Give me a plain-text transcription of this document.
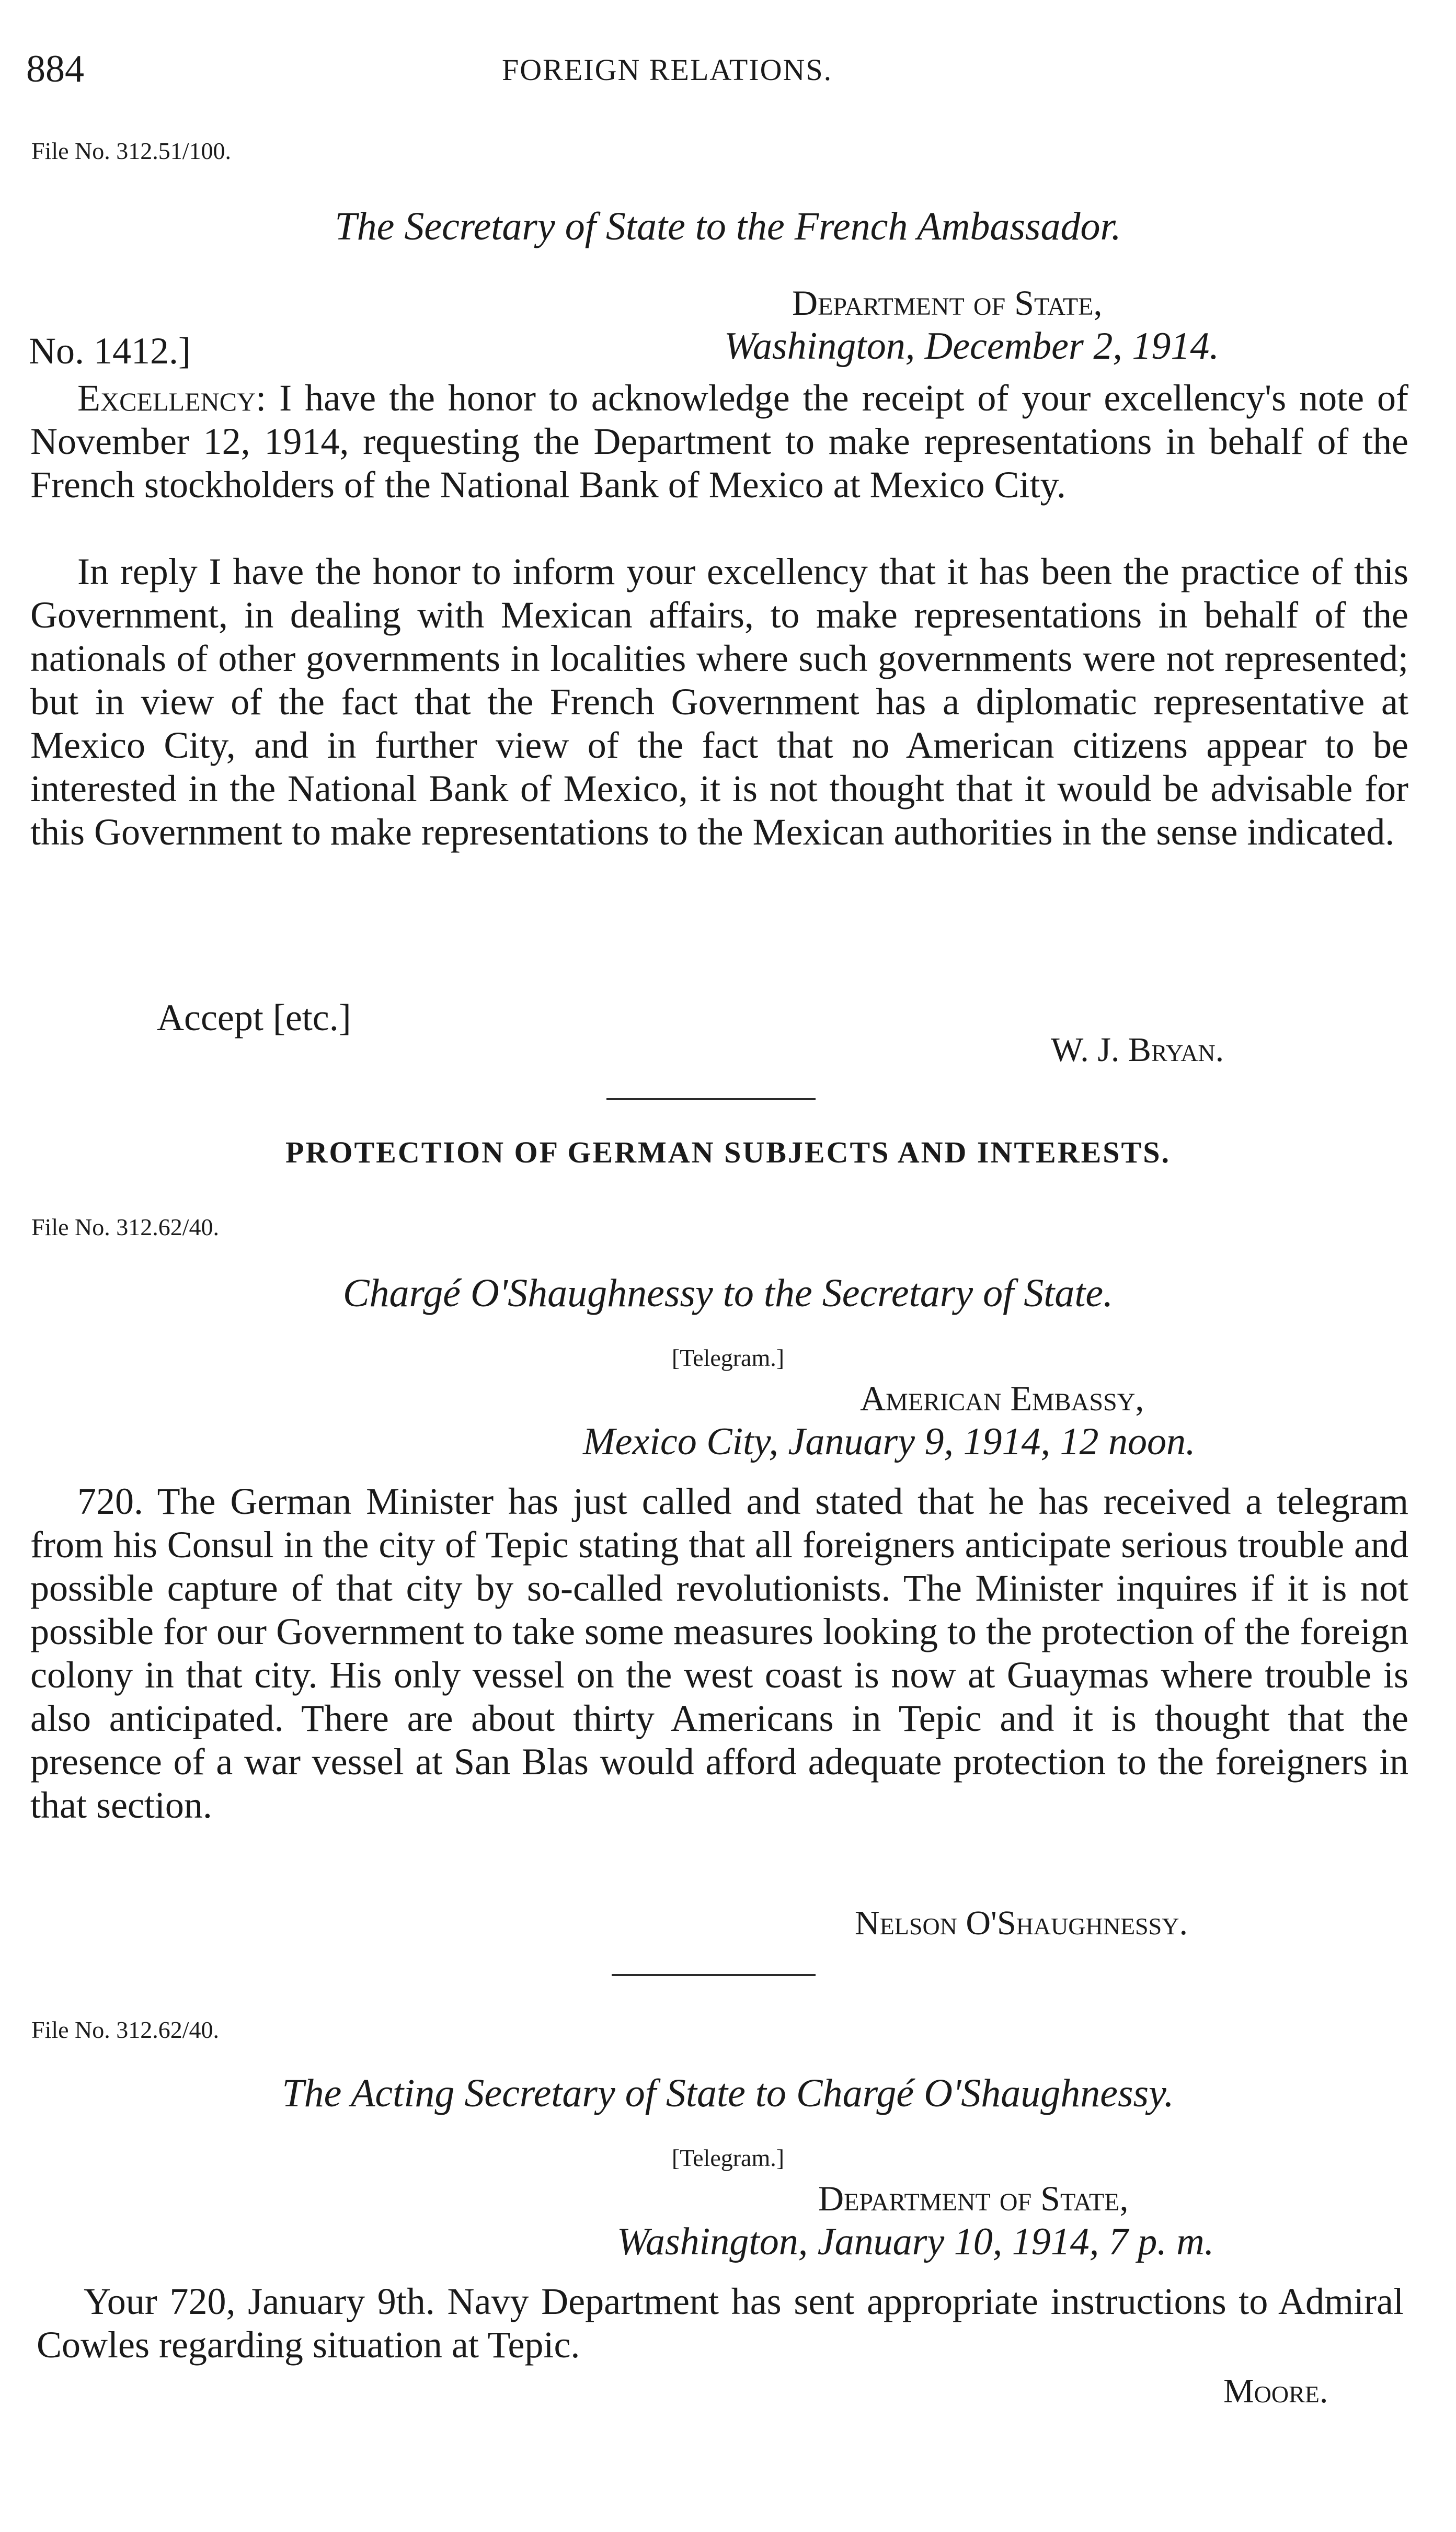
884	FOREIGN RELATIONS.
File No. 312.51/100.
The Secretary of State to the French Ambassador.
Department of State,
No. 1412.]	Washington, December 2, 1914.

Excellency: I have the honor to acknowledge the receipt of your excellency's note of November 12, 1914, requesting the Department to make representations in behalf of the French stockholders of the National Bank of Mexico at Mexico City.

In reply I have the honor to inform your excellency that it has been the practice of this Government, in dealing with Mexican affairs, to make representations in behalf of the nationals of other governments in localities where such governments were not represented; but in view of the fact that the French Government has a diplomatic representative at Mexico City, and in further view of the fact that no American citizens appear to be interested in the National Bank of Mexico, it is not thought that it would be advisable for this Government to make representations to the Mexican authorities in the sense indicated.

Accept [etc.]
W. J. Bryan.
PROTECTION OF GERMAN SUBJECTS AND INTERESTS.
File No. 312.62/40.
Chargé O'Shaughnessy to the Secretary of State.
[Telegram.]
American Embassy,
Mexico City, January 9, 1914, 12 noon.

720. The German Minister has just called and stated that he has received a telegram from his Consul in the city of Tepic stating that all foreigners anticipate serious trouble and possible capture of that city by so-called revolutionists. The Minister inquires if it is not possible for our Government to take some measures looking to the protection of the foreign colony in that city. His only vessel on the west coast is now at Guaymas where trouble is also anticipated. There are about thirty Americans in Tepic and it is thought that the presence of a war vessel at San Blas would afford adequate protection to the foreigners in that section.

Nelson O'Shaughnessy.
File No. 312.62/40.
The Acting Secretary of State to Chargé O'Shaughnessy.
[Telegram.]
Department of State,
Washington, January 10, 1914, 7 p. m.

Your 720, January 9th. Navy Department has sent appropriate instructions to Admiral Cowles regarding situation at Tepic.

Moore.
